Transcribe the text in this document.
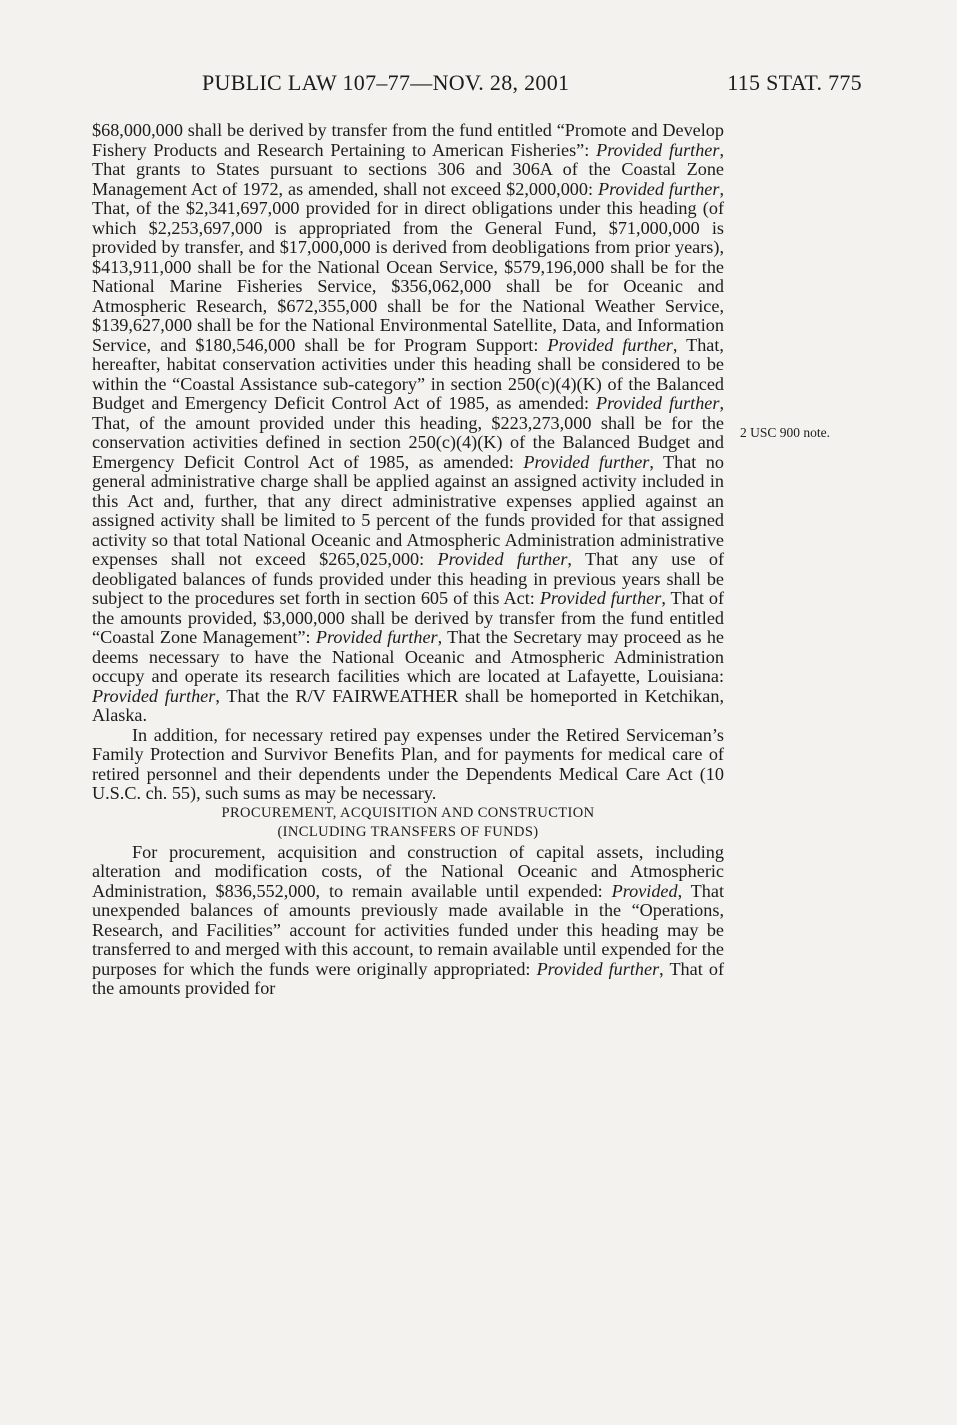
PUBLIC LAW 107–77—NOV. 28, 2001	115 STAT. 775
2 USC 900 note.

$68,000,000 shall be derived by transfer from the fund entitled “Promote and Develop Fishery Products and Research Pertaining to American Fisheries”: Provided further, That grants to States pursuant to sections 306 and 306A of the Coastal Zone Management Act of 1972, as amended, shall not exceed $2,000,000: Provided further, That, of the $2,341,697,000 provided for in direct obligations under this heading (of which $2,253,697,000 is appropriated from the General Fund, $71,000,000 is provided by transfer, and $17,000,000 is derived from deobligations from prior years), $413,911,000 shall be for the National Ocean Service, $579,196,000 shall be for the National Marine Fisheries Service, $356,062,000 shall be for Oceanic and Atmospheric Research, $672,355,000 shall be for the National Weather Service, $139,627,000 shall be for the National Environmental Satellite, Data, and Information Service, and $180,546,000 shall be for Program Support: Provided further, That, hereafter, habitat conservation activities under this heading shall be considered to be within the “Coastal Assistance sub-category” in section 250(c)(4)(K) of the Balanced Budget and Emergency Deficit Control Act of 1985, as amended: Provided further, That, of the amount provided under this heading, $223,273,000 shall be for the conservation activities defined in section 250(c)(4)(K) of the Balanced Budget and Emergency Deficit Control Act of 1985, as amended: Provided further, That no general administrative charge shall be applied against an assigned activity included in this Act and, further, that any direct administrative expenses applied against an assigned activity shall be limited to 5 percent of the funds provided for that assigned activity so that total National Oceanic and Atmospheric Administration administrative expenses shall not exceed $265,025,000: Provided further, That any use of deobligated balances of funds provided under this heading in previous years shall be subject to the procedures set forth in section 605 of this Act: Provided further, That of the amounts provided, $3,000,000 shall be derived by transfer from the fund entitled “Coastal Zone Management”: Provided further, That the Secretary may proceed as he deems necessary to have the National Oceanic and Atmospheric Administration occupy and operate its research facilities which are located at Lafayette, Louisiana: Provided further, That the R/V FAIRWEATHER shall be homeported in Ketchikan, Alaska.

In addition, for necessary retired pay expenses under the Retired Serviceman’s Family Protection and Survivor Benefits Plan, and for payments for medical care of retired personnel and their dependents under the Dependents Medical Care Act (10 U.S.C. ch. 55), such sums as may be necessary.

PROCUREMENT, ACQUISITION AND CONSTRUCTION

(INCLUDING TRANSFERS OF FUNDS)

For procurement, acquisition and construction of capital assets, including alteration and modification costs, of the National Oceanic and Atmospheric Administration, $836,552,000, to remain available until expended: Provided, That unexpended balances of amounts previously made available in the “Operations, Research, and Facilities” account for activities funded under this heading may be transferred to and merged with this account, to remain available until expended for the purposes for which the funds were originally appropriated: Provided further, That of the amounts provided for
